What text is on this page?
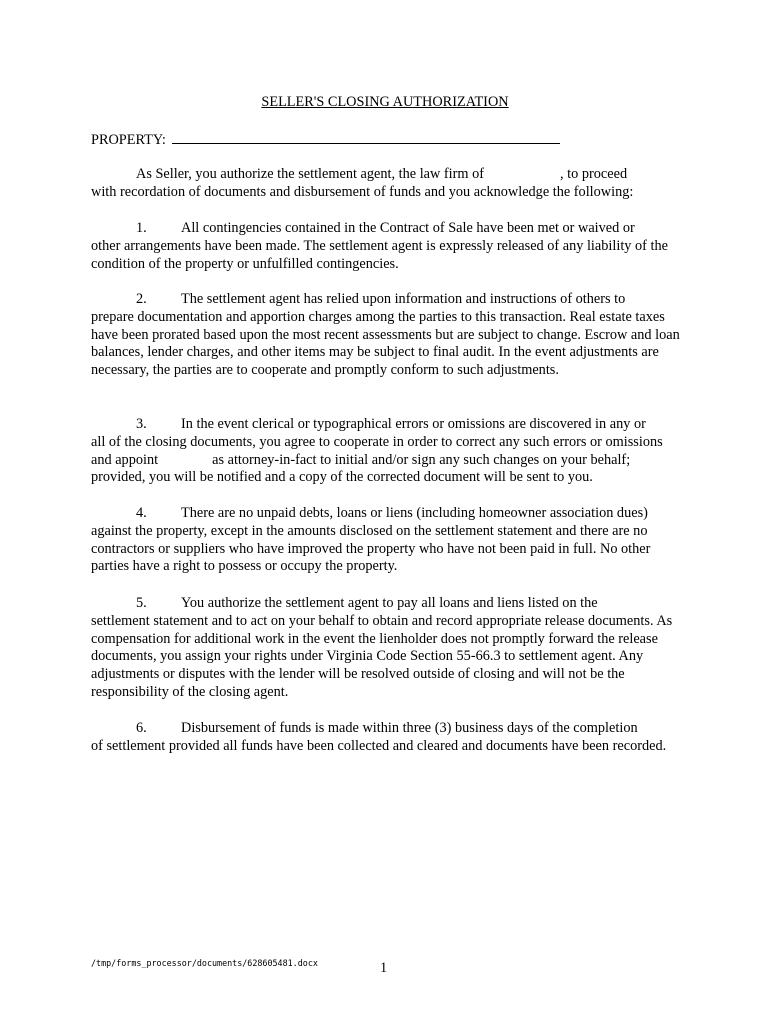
SELLER'S CLOSING AUTHORIZATION
PROPERTY:
As Seller, you authorize the settlement agent, the law firm of	, to proceed
with recordation of documents and disbursement of funds and you acknowledge the following:
1. All contingencies contained in the Contract of Sale have been met or waived or
other arrangements have been made. The settlement agent is expressly released of any liability of the condition of the property or unfulfilled contingencies.
2. The settlement agent has relied upon information and instructions of others to
prepare documentation and apportion charges among the parties to this transaction. Real estate taxes have been prorated based upon the most recent assessments but are subject to change. Escrow and loan balances, lender charges, and other items may be subject to final audit. In the event adjustments are necessary, the parties are to cooperate and promptly conform to such adjustments.
3. In the event clerical or typographical errors or omissions are discovered in any or
all of the closing documents, you agree to cooperate in order to correct any such errors or omissions and appoint	as attorney-in-fact to initial and/or sign any such changes on your behalf; provided, you will be notified and a copy of the corrected document will be sent to you.
4. There are no unpaid debts, loans or liens (including homeowner association dues)
against the property, except in the amounts disclosed on the settlement statement and there are no contractors or suppliers who have improved the property who have not been paid in full. No other parties have a right to possess or occupy the property.
5. You authorize the settlement agent to pay all loans and liens listed on the
settlement statement and to act on your behalf to obtain and record appropriate release documents. As compensation for additional work in the event the lienholder does not promptly forward the release documents, you assign your rights under Virginia Code Section 55-66.3 to settlement agent. Any adjustments or disputes with the lender will be resolved outside of closing and will not be the responsibility of the closing agent.
6. Disbursement of funds is made within three (3) business days of the completion
of settlement provided all funds have been collected and cleared and documents have been recorded.
/tmp/forms_processor/documents/628605481.docx	1
